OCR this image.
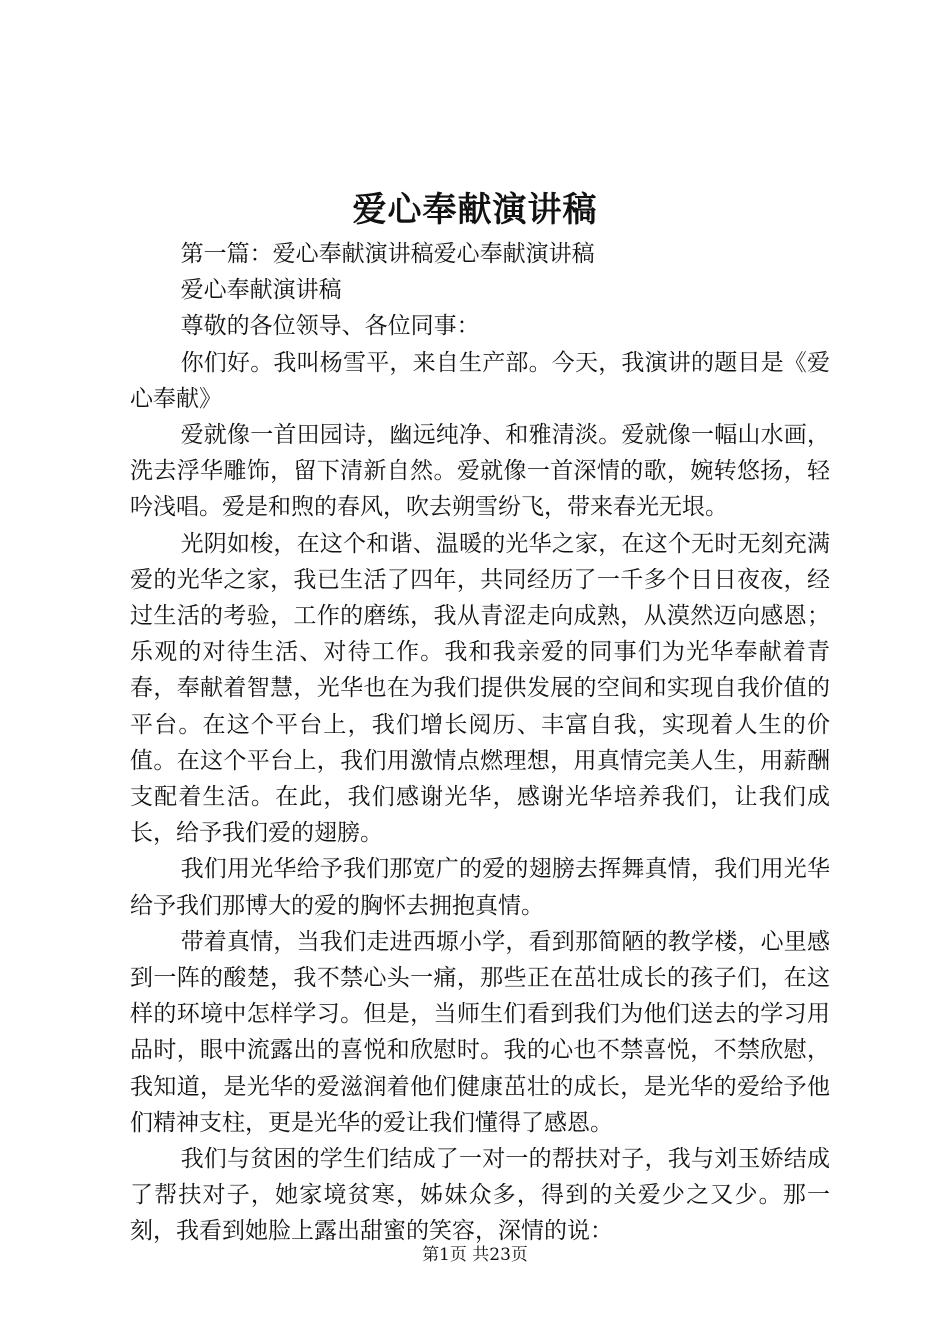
爱心奉献演讲稿

第一篇：爱心奉献演讲稿爱心奉献演讲稿

爱心奉献演讲稿

尊敬的各位领导、各位同事：

你们好。我叫杨雪平，来自生产部。今天，我演讲的题目是《爱心奉献》

爱就像一首田园诗，幽远纯净、和雅清淡。爱就像一幅山水画，洗去浮华雕饰，留下清新自然。爱就像一首深情的歌，婉转悠扬，轻吟浅唱。爱是和煦的春风，吹去朔雪纷飞，带来春光无垠。

光阴如梭，在这个和谐、温暖的光华之家，在这个无时无刻充满爱的光华之家，我已生活了四年，共同经历了一千多个日日夜夜，经过生活的考验，工作的磨练，我从青涩走向成熟，从漠然迈向感恩；乐观的对待生活、对待工作。我和我亲爱的同事们为光华奉献着青春，奉献着智慧，光华也在为我们提供发展的空间和实现自我价值的平台。在这个平台上，我们增长阅历、丰富自我，实现着人生的价值。在这个平台上，我们用激情点燃理想，用真情完美人生，用薪酬支配着生活。在此，我们感谢光华，感谢光华培养我们，让我们成长，给予我们爱的翅膀。

我们用光华给予我们那宽广的爱的翅膀去挥舞真情，我们用光华给予我们那博大的爱的胸怀去拥抱真情。

带着真情，当我们走进西塬小学，看到那简陋的教学楼，心里感到一阵的酸楚，我不禁心头一痛，那些正在茁壮成长的孩子们，在这样的环境中怎样学习。但是，当师生们看到我们为他们送去的学习用品时，眼中流露出的喜悦和欣慰时。我的心也不禁喜悦，不禁欣慰，我知道，是光华的爱滋润着他们健康茁壮的成长，是光华的爱给予他们精神支柱，更是光华的爱让我们懂得了感恩。

我们与贫困的学生们结成了一对一的帮扶对子，我与刘玉娇结成了帮扶对子，她家境贫寒，姊妹众多，得到的关爱少之又少。那一刻，我看到她脸上露出甜蜜的笑容，深情的说：

第1页 共23页
